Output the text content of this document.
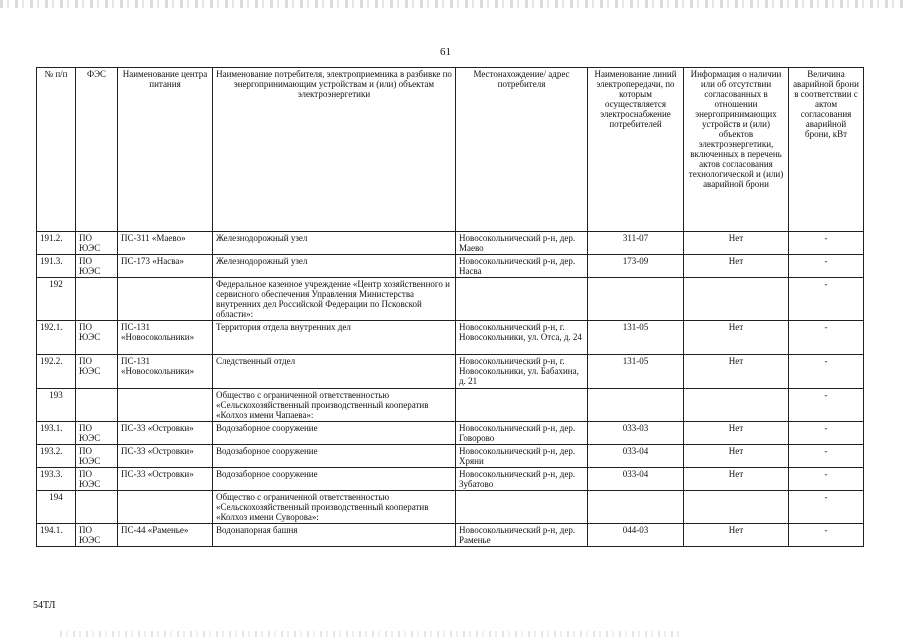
61
№ п/п	ФЭС	Наименование центра питания	Наименование потребителя, электроприемника в разбивке по энергопринимающим устройствам и (или) объектам электроэнергетики	Местонахождение/ адрес потребителя	Наименование линий электропередачи, по которым осуществляется электроснабжение потребителей	Информация о наличии или об отсутствии согласованных в отношении энергопринимающих устройств и (или) объектов электроэнергетики, включенных в перечень актов согласования технологической и (или) аварийной брони	Величина аварийной брони в соответствии с актом согласования аварийной брони, кВт
191.2.	ПО ЮЭС	ПС-311 «Маево»	Железнодорожный узел	Новосокольнический р-н, дер. Маево	311-07	Нет	-
191.3.	ПО ЮЭС	ПС-173 «Насва»	Железнодорожный узел	Новосокольнический р-н, дер. Насва	173-09	Нет	-
192			Федеральное казенное учреждение «Центр хозяйственного и сервисного обеспечения Управления Министерства внутренних дел Российской Федерации по Псковской области»:				-
192.1.	ПО ЮЭС	ПС-131 «Новосокольники»	Территория отдела внутренних дел	Новосокольнический р-н, г. Новосокольники, ул. Отса, д. 24	131-05	Нет	-
192.2.	ПО ЮЭС	ПС-131 «Новосокольники»	Следственный отдел	Новосокольнический р-н, г. Новосокольники, ул. Бабахина, д. 21	131-05	Нет	-
193			Общество с ограниченной ответственностью «Сельскохозяйственный производственный кооператив «Колхоз имени Чапаева»:				-
193.1.	ПО ЮЭС	ПС-33 «Островки»	Водозаборное сооружение	Новосокольнический р-н, дер. Говорово	033-03	Нет	-
193.2.	ПО ЮЭС	ПС-33 «Островки»	Водозаборное сооружение	Новосокольнический р-н, дер. Хряни	033-04	Нет	-
193.3.	ПО ЮЭС	ПС-33 «Островки»	Водозаборное сооружение	Новосокольнический р-н, дер. Зубатово	033-04	Нет	-
194			Общество с ограниченной ответственностью «Сельскохозяйственный производственный кооператив «Колхоз имени Суворова»:				-
194.1.	ПО ЮЭС	ПС-44 «Раменье»	Водонапорная башня	Новосокольнический р-н, дер. Раменье	044-03	Нет	-
54ТЛ
